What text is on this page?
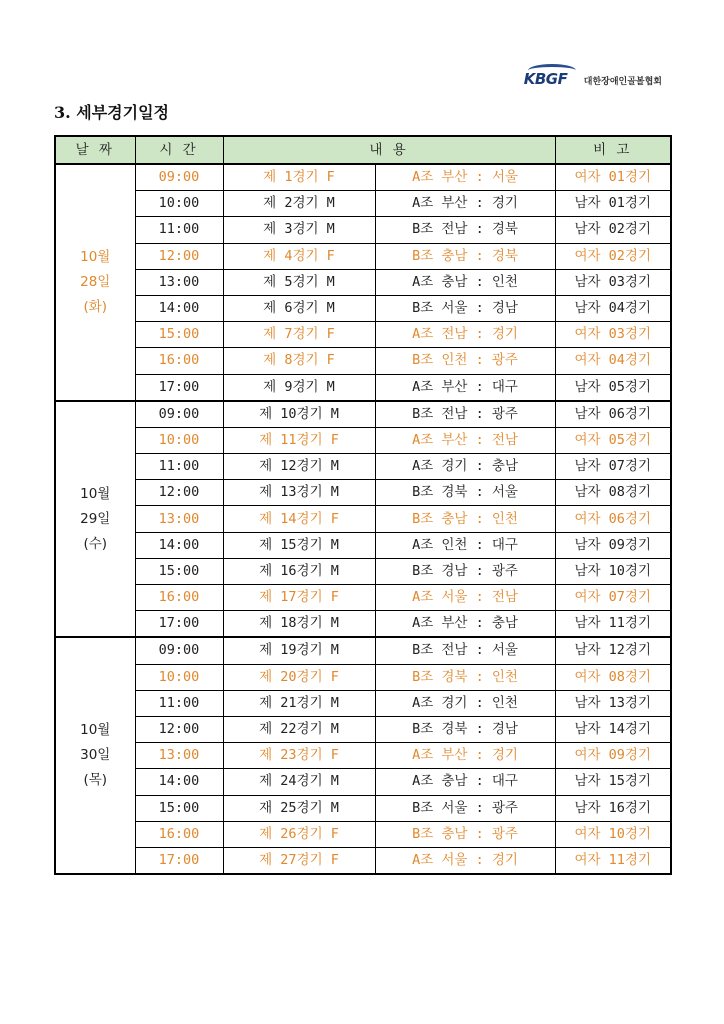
KBGF 대한장애인골볼협회
3. 세부경기일정
날 짜	시 간	내 용		비 고

10월
28일
(화)	09:00	제 1경기 F	A조 부산 : 서울	여자 01경기
	10:00	제 2경기 M	A조 부산 : 경기	남자 01경기
	11:00	제 3경기 M	B조 전남 : 경북	남자 02경기
	12:00	제 4경기 F	B조 충남 : 경북	여자 02경기
	13:00	제 5경기 M	A조 충남 : 인천	남자 03경기
	14:00	제 6경기 M	B조 서울 : 경남	남자 04경기
	15:00	제 7경기 F	A조 전남 : 경기	여자 03경기
	16:00	제 8경기 F	B조 인천 : 광주	여자 04경기
	17:00	제 9경기 M	A조 부산 : 대구	남자 05경기

10월
29일
(수)	09:00	제 10경기 M	B조 전남 : 광주	남자 06경기
	10:00	제 11경기 F	A조 부산 : 전남	여자 05경기
	11:00	제 12경기 M	A조 경기 : 충남	남자 07경기
	12:00	제 13경기 M	B조 경북 : 서울	남자 08경기
	13:00	제 14경기 F	B조 충남 : 인천	여자 06경기
	14:00	제 15경기 M	A조 인천 : 대구	남자 09경기
	15:00	제 16경기 M	B조 경남 : 광주	남자 10경기
	16:00	제 17경기 F	A조 서울 : 전남	여자 07경기
	17:00	제 18경기 M	A조 부산 : 충남	남자 11경기

10월
30일
(목)	09:00	제 19경기 M	B조 전남 : 서울	남자 12경기
	10:00	제 20경기 F	B조 경북 : 인천	여자 08경기
	11:00	제 21경기 M	A조 경기 : 인천	남자 13경기
	12:00	제 22경기 M	B조 경북 : 경남	남자 14경기
	13:00	제 23경기 F	A조 부산 : 경기	여자 09경기
	14:00	제 24경기 M	A조 충남 : 대구	남자 15경기
	15:00	재 25경기 M	B조 서울 : 광주	남자 16경기
	16:00	제 26경기 F	B조 충남 : 광주	여자 10경기
	17:00	제 27경기 F	A조 서울 : 경기	여자 11경기
